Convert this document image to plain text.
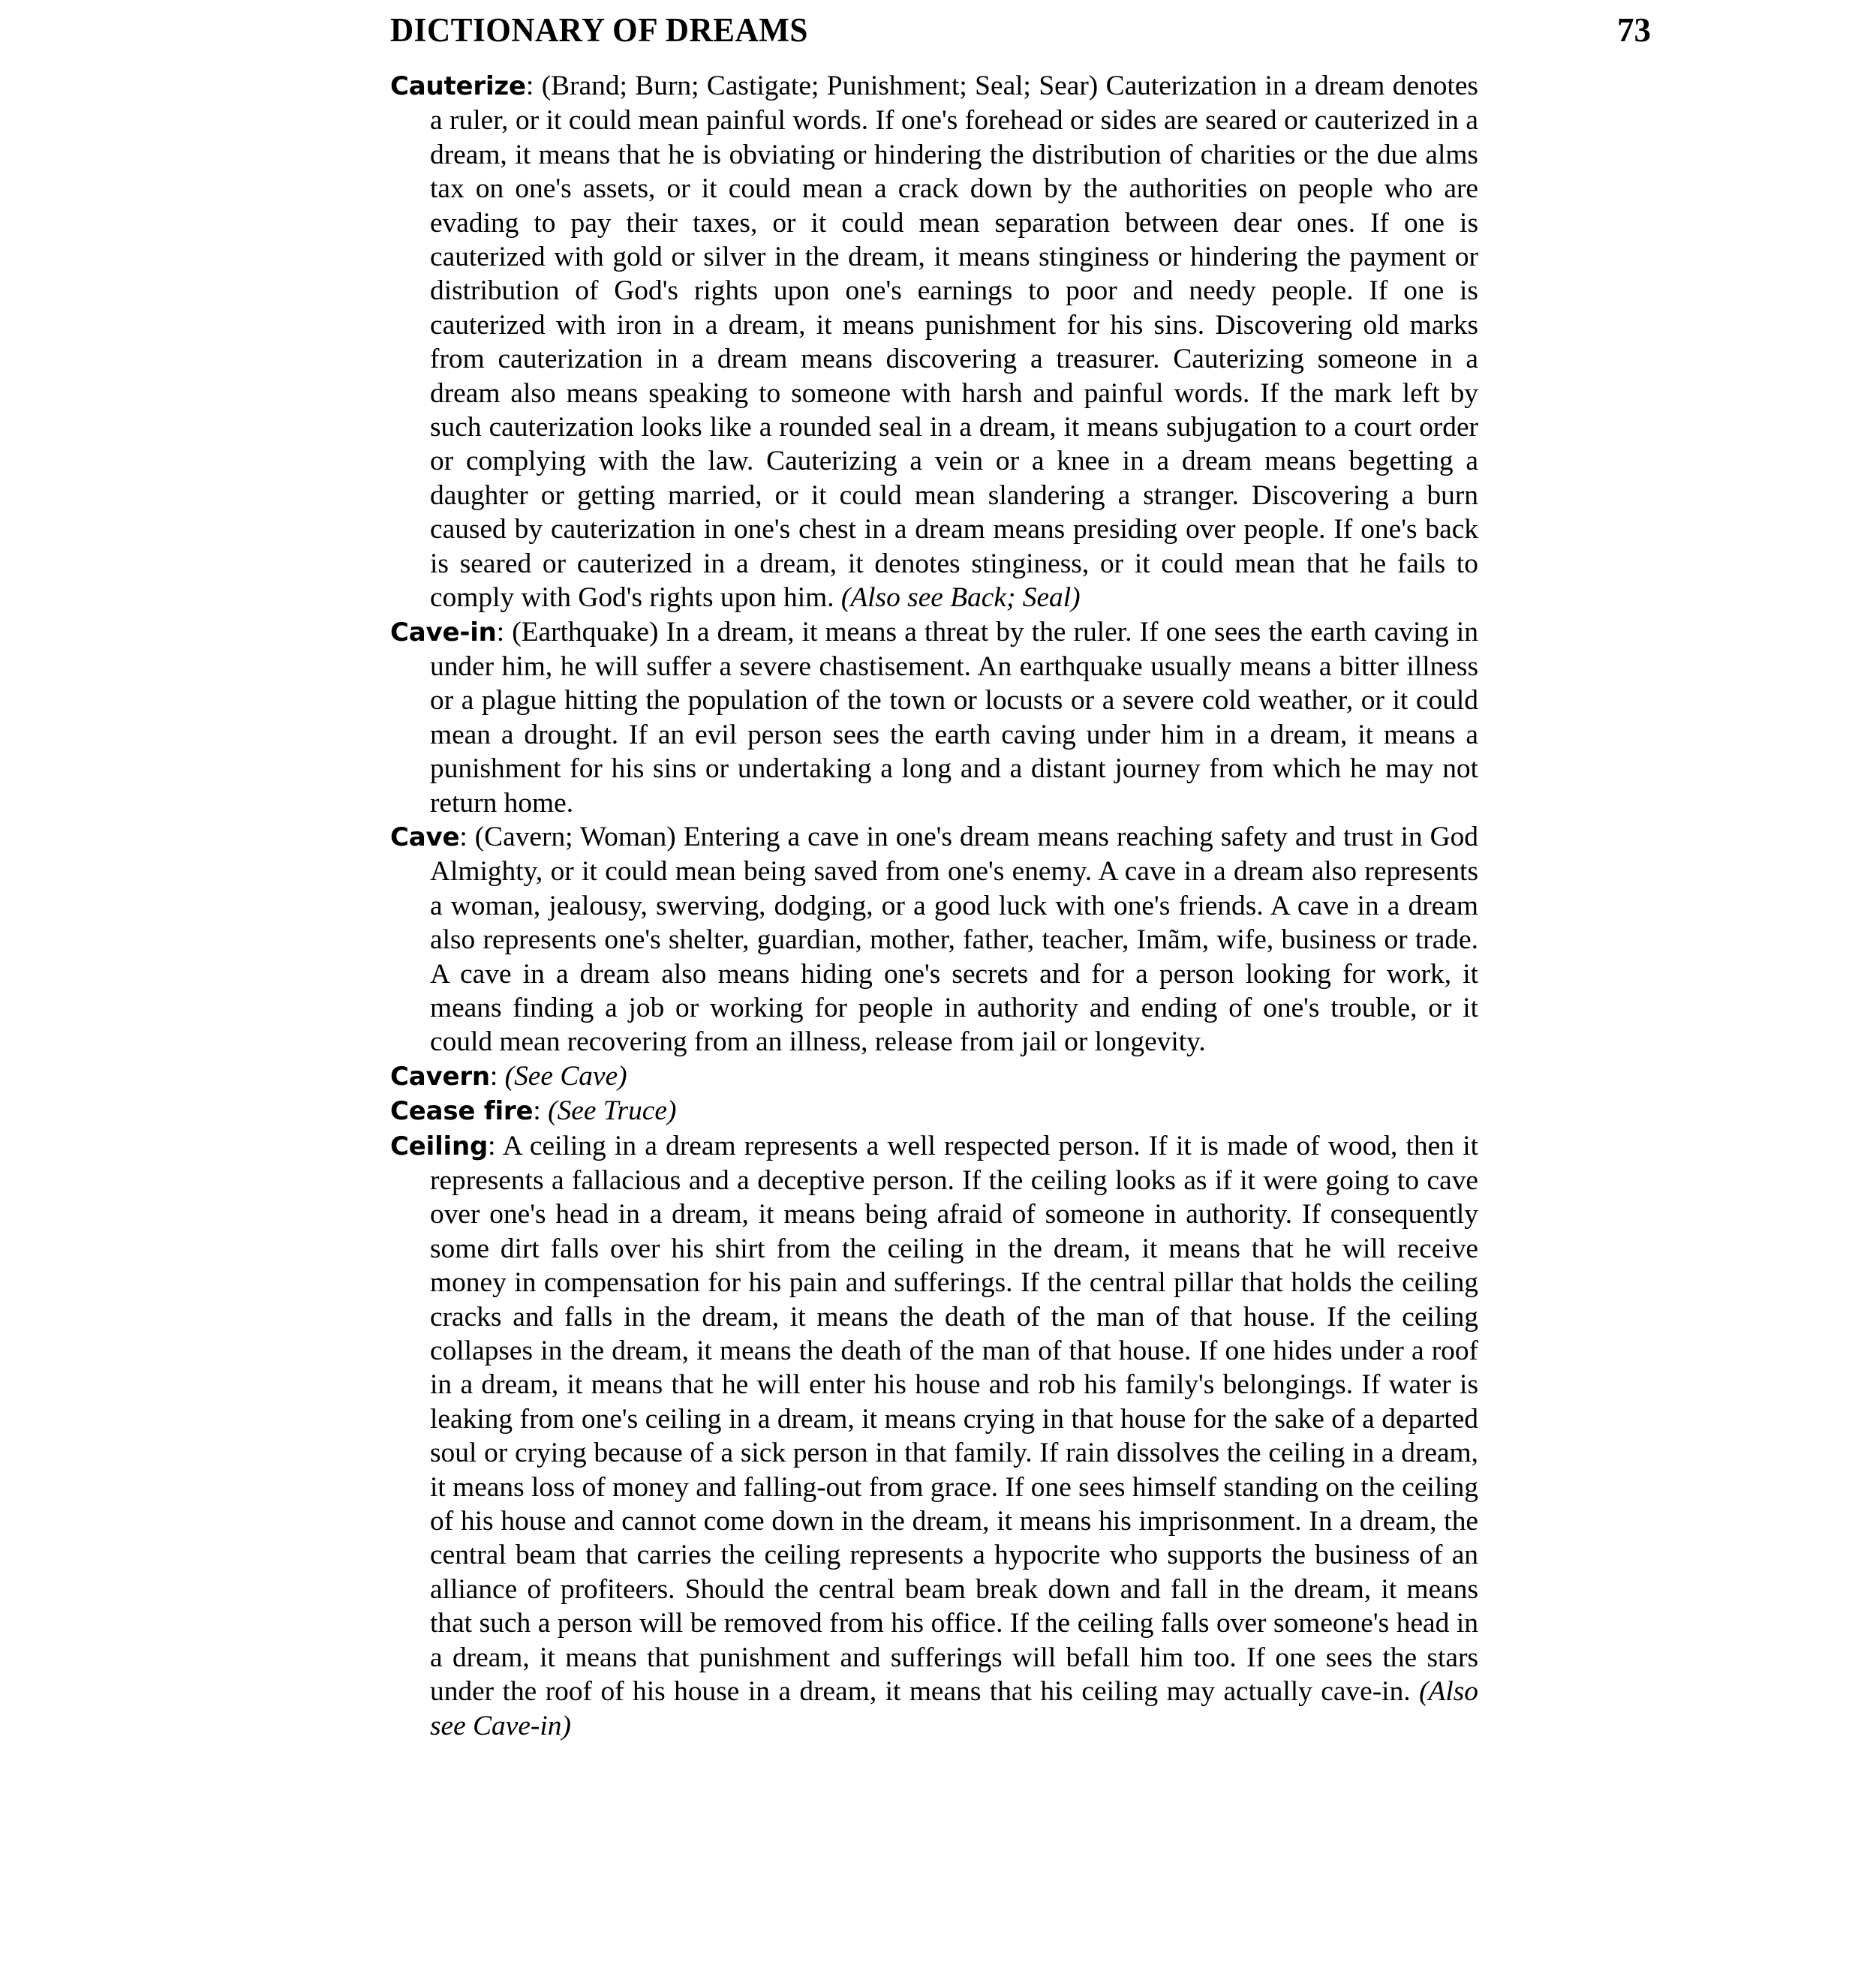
DICTIONARY OF DREAMS	73

Cauterize: (Brand; Burn; Castigate; Punishment; Seal; Sear) Cauterization in a dream denotes a ruler, or it could mean painful words. If one's forehead or sides are seared or cauterized in a dream, it means that he is obviating or hindering the distribution of charities or the due alms tax on one's assets, or it could mean a crack down by the authorities on people who are evading to pay their taxes, or it could mean separation between dear ones. If one is cauterized with gold or silver in the dream, it means stinginess or hindering the payment or distribution of God's rights upon one's earnings to poor and needy people. If one is cauterized with iron in a dream, it means punishment for his sins. Discovering old marks from cauterization in a dream means discovering a treasurer. Cauterizing someone in a dream also means speaking to someone with harsh and painful words. If the mark left by such cauterization looks like a rounded seal in a dream, it means subjugation to a court order or complying with the law. Cauterizing a vein or a knee in a dream means begetting a daughter or getting married, or it could mean slandering a stranger. Discovering a burn caused by cauterization in one's chest in a dream means presiding over people. If one's back is seared or cauterized in a dream, it denotes stinginess, or it could mean that he fails to comply with God's rights upon him. (Also see Back; Seal)

Cave-in: (Earthquake) In a dream, it means a threat by the ruler. If one sees the earth caving in under him, he will suffer a severe chastisement. An earthquake usually means a bitter illness or a plague hitting the population of the town or locusts or a severe cold weather, or it could mean a drought. If an evil person sees the earth caving under him in a dream, it means a punishment for his sins or undertaking a long and a distant journey from which he may not return home.

Cave: (Cavern; Woman) Entering a cave in one's dream means reaching safety and trust in God Almighty, or it could mean being saved from one's enemy. A cave in a dream also represents a woman, jealousy, swerving, dodging, or a good luck with one's friends. A cave in a dream also represents one's shelter, guardian, mother, father, teacher, Imãm, wife, business or trade. A cave in a dream also means hiding one's secrets and for a person looking for work, it means finding a job or working for people in authority and ending of one's trouble, or it could mean recovering from an illness, release from jail or longevity.

Cavern: (See Cave)

Cease fire: (See Truce)

Ceiling: A ceiling in a dream represents a well respected person. If it is made of wood, then it represents a fallacious and a deceptive person. If the ceiling looks as if it were going to cave over one's head in a dream, it means being afraid of someone in authority. If consequently some dirt falls over his shirt from the ceiling in the dream, it means that he will receive money in compensation for his pain and sufferings. If the central pillar that holds the ceiling cracks and falls in the dream, it means the death of the man of that house. If the ceiling collapses in the dream, it means the death of the man of that house. If one hides under a roof in a dream, it means that he will enter his house and rob his family's belongings. If water is leaking from one's ceiling in a dream, it means crying in that house for the sake of a departed soul or crying because of a sick person in that family. If rain dissolves the ceiling in a dream, it means loss of money and falling-out from grace. If one sees himself standing on the ceiling of his house and cannot come down in the dream, it means his imprisonment. In a dream, the central beam that carries the ceiling represents a hypocrite who supports the business of an alliance of profiteers. Should the central beam break down and fall in the dream, it means that such a person will be removed from his office. If the ceiling falls over someone's head in a dream, it means that punishment and sufferings will befall him too. If one sees the stars under the roof of his house in a dream, it means that his ceiling may actually cave-in. (Also see Cave-in)
